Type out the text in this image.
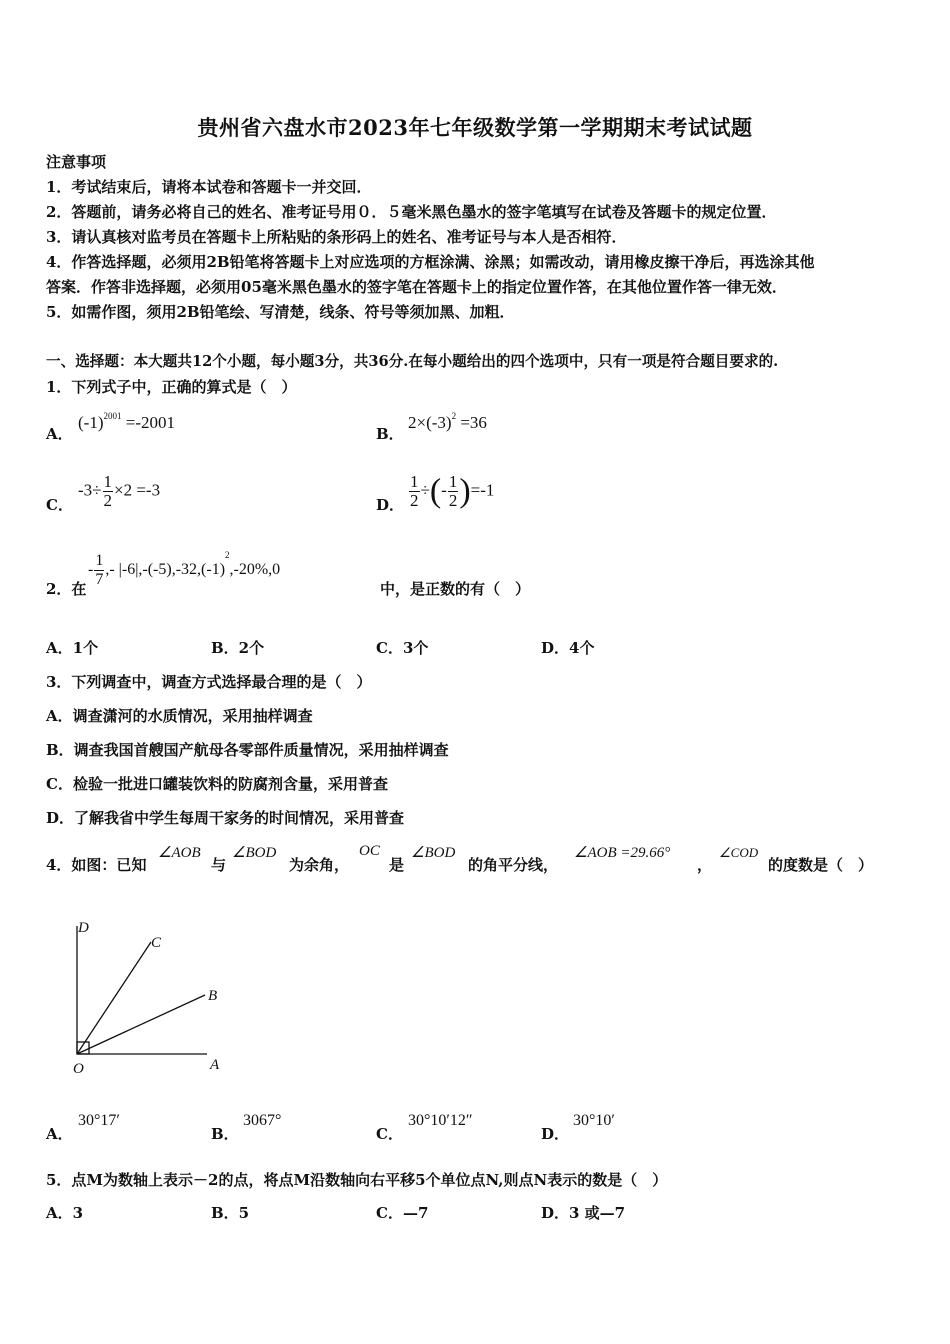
贵州省六盘水市2023年七年级数学第一学期期末考试试题
注意事项
1．考试结束后，请将本试卷和答题卡一并交回．
2．答题前，请务必将自己的姓名、准考证号用０．５毫米黑色墨水的签字笔填写在试卷及答题卡的规定位置．
3．请认真核对监考员在答题卡上所粘贴的条形码上的姓名、准考证号与本人是否相符．
4．作答选择题，必须用2B铅笔将答题卡上对应选项的方框涂满、涂黑；如需改动，请用橡皮擦干净后，再选涂其他
答案．作答非选择题，必须用05毫米黑色墨水的签字笔在答题卡上的指定位置作答，在其他位置作答一律无效．
5．如需作图，须用2B铅笔绘、写清楚，线条、符号等须加黑、加粗．
一、选择题：本大题共12个小题，每小题3分，共36分.在每小题给出的四个选项中，只有一项是符合题目要求的.
1．下列式子中，正确的算式是（　）
A．
(‐1)$^{2001}$ =‐2001
B．
2×(‐3)$^2$ =36
C．
‐3÷ $\frac{1}{2} \times 2$ =‐3
D． $\frac{1}{2}$ ÷(‐ $\frac{1}{2}$ )=‐1
2．在
‐ $\frac{1}{7}$ ,‐ |‐6|,‐(‐5),‐32,(‐1)$^2$,‐20%,0
中，是正数的有（　）
A．1个	B．2个	C．3个	D．4个
3．下列调查中，调查方式选择最合理的是（　）
A．调查潇河的水质情况，采用抽样调查
B．调查我国首艘国产航母各零部件质量情况，采用抽样调查
C．检验一批进口罐装饮料的防腐剂含量，采用普查
D．了解我省中学生每周干家务的时间情况，采用普查
4．如图：已知
∠AOB
与
∠BOD
为余角，
OC
是
∠BOD
的角平分线，
∠AOB =29.66°
，
∠COD
的度数是（　）
D
C
B
A
O
A．
30°17′
B．
3067°
C．
30°10′12″
D．
30°10′
5．点M为数轴上表示－2的点，将点M沿数轴向右平移5个单位点N,则点N表示的数是（　）
A．3	B．5	C．—7	D．3 或—7
